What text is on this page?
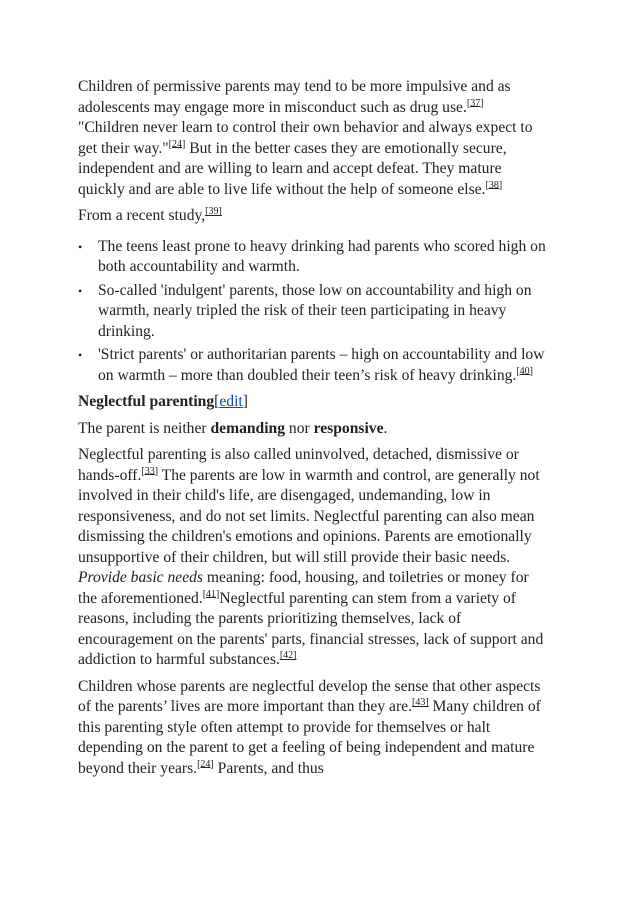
Children of permissive parents may tend to be more impulsive and as adolescents may engage more in misconduct such as drug use.[37] "Children never learn to control their own behavior and always expect to get their way."[24] But in the better cases they are emotionally secure, independent and are willing to learn and accept defeat. They mature quickly and are able to live life without the help of someone else.[38]

From a recent study,[39]

• The teens least prone to heavy drinking had parents who scored high on both accountability and warmth.
• So-called 'indulgent' parents, those low on accountability and high on warmth, nearly tripled the risk of their teen participating in heavy drinking.
• 'Strict parents' or authoritarian parents – high on accountability and low on warmth – more than doubled their teen’s risk of heavy drinking.[40]
Neglectful parenting[edit]

The parent is neither demanding nor responsive.

Neglectful parenting is also called uninvolved, detached, dismissive or hands-off.[33] The parents are low in warmth and control, are generally not involved in their child's life, are disengaged, undemanding, low in responsiveness, and do not set limits. Neglectful parenting can also mean dismissing the children's emotions and opinions. Parents are emotionally unsupportive of their children, but will still provide their basic needs. Provide basic needs meaning: food, housing, and toiletries or money for the aforementioned.[41]Neglectful parenting can stem from a variety of reasons, including the parents prioritizing themselves, lack of encouragement on the parents' parts, financial stresses, lack of support and addiction to harmful substances.[42]

Children whose parents are neglectful develop the sense that other aspects of the parents’ lives are more important than they are.[43] Many children of this parenting style often attempt to provide for themselves or halt depending on the parent to get a feeling of being independent and mature beyond their years.[24] Parents, and thus
